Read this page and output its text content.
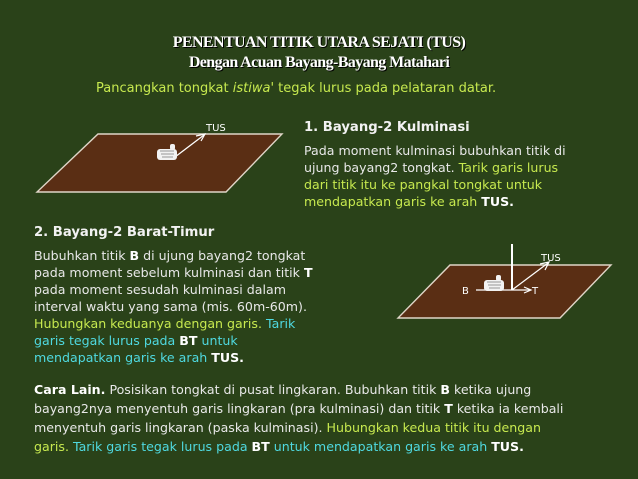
PENENTUAN TITIK UTARA SEJATI (TUS)
Dengan Acuan Bayang-Bayang Matahari
Pancangkan tongkat istiwa' tegak lurus pada pelataran datar.
TUS
TUS
B	T
1. Bayang-2 Kulminasi
Pada moment kulminasi bubuhkan titik di
ujung bayang2 tongkat. Tarik garis lurus
dari titik itu ke pangkal tongkat untuk
mendapatkan garis ke arah TUS.
2. Bayang-2 Barat-Timur
Bubuhkan titik B di ujung bayang2 tongkat
pada moment sebelum kulminasi dan titik T
pada moment sesudah kulminasi dalam
interval waktu yang sama (mis. 60m-60m).
Hubungkan keduanya dengan garis. Tarik
garis tegak lurus pada BT untuk
mendapatkan garis ke arah TUS.
Cara Lain. Posisikan tongkat di pusat lingkaran. Bubuhkan titik B ketika ujung
bayang2nya menyentuh garis lingkaran (pra kulminasi) dan titik T ketika ia kembali
menyentuh garis lingkaran (paska kulminasi). Hubungkan kedua titik itu dengan
garis. Tarik garis tegak lurus pada BT untuk mendapatkan garis ke arah TUS.
